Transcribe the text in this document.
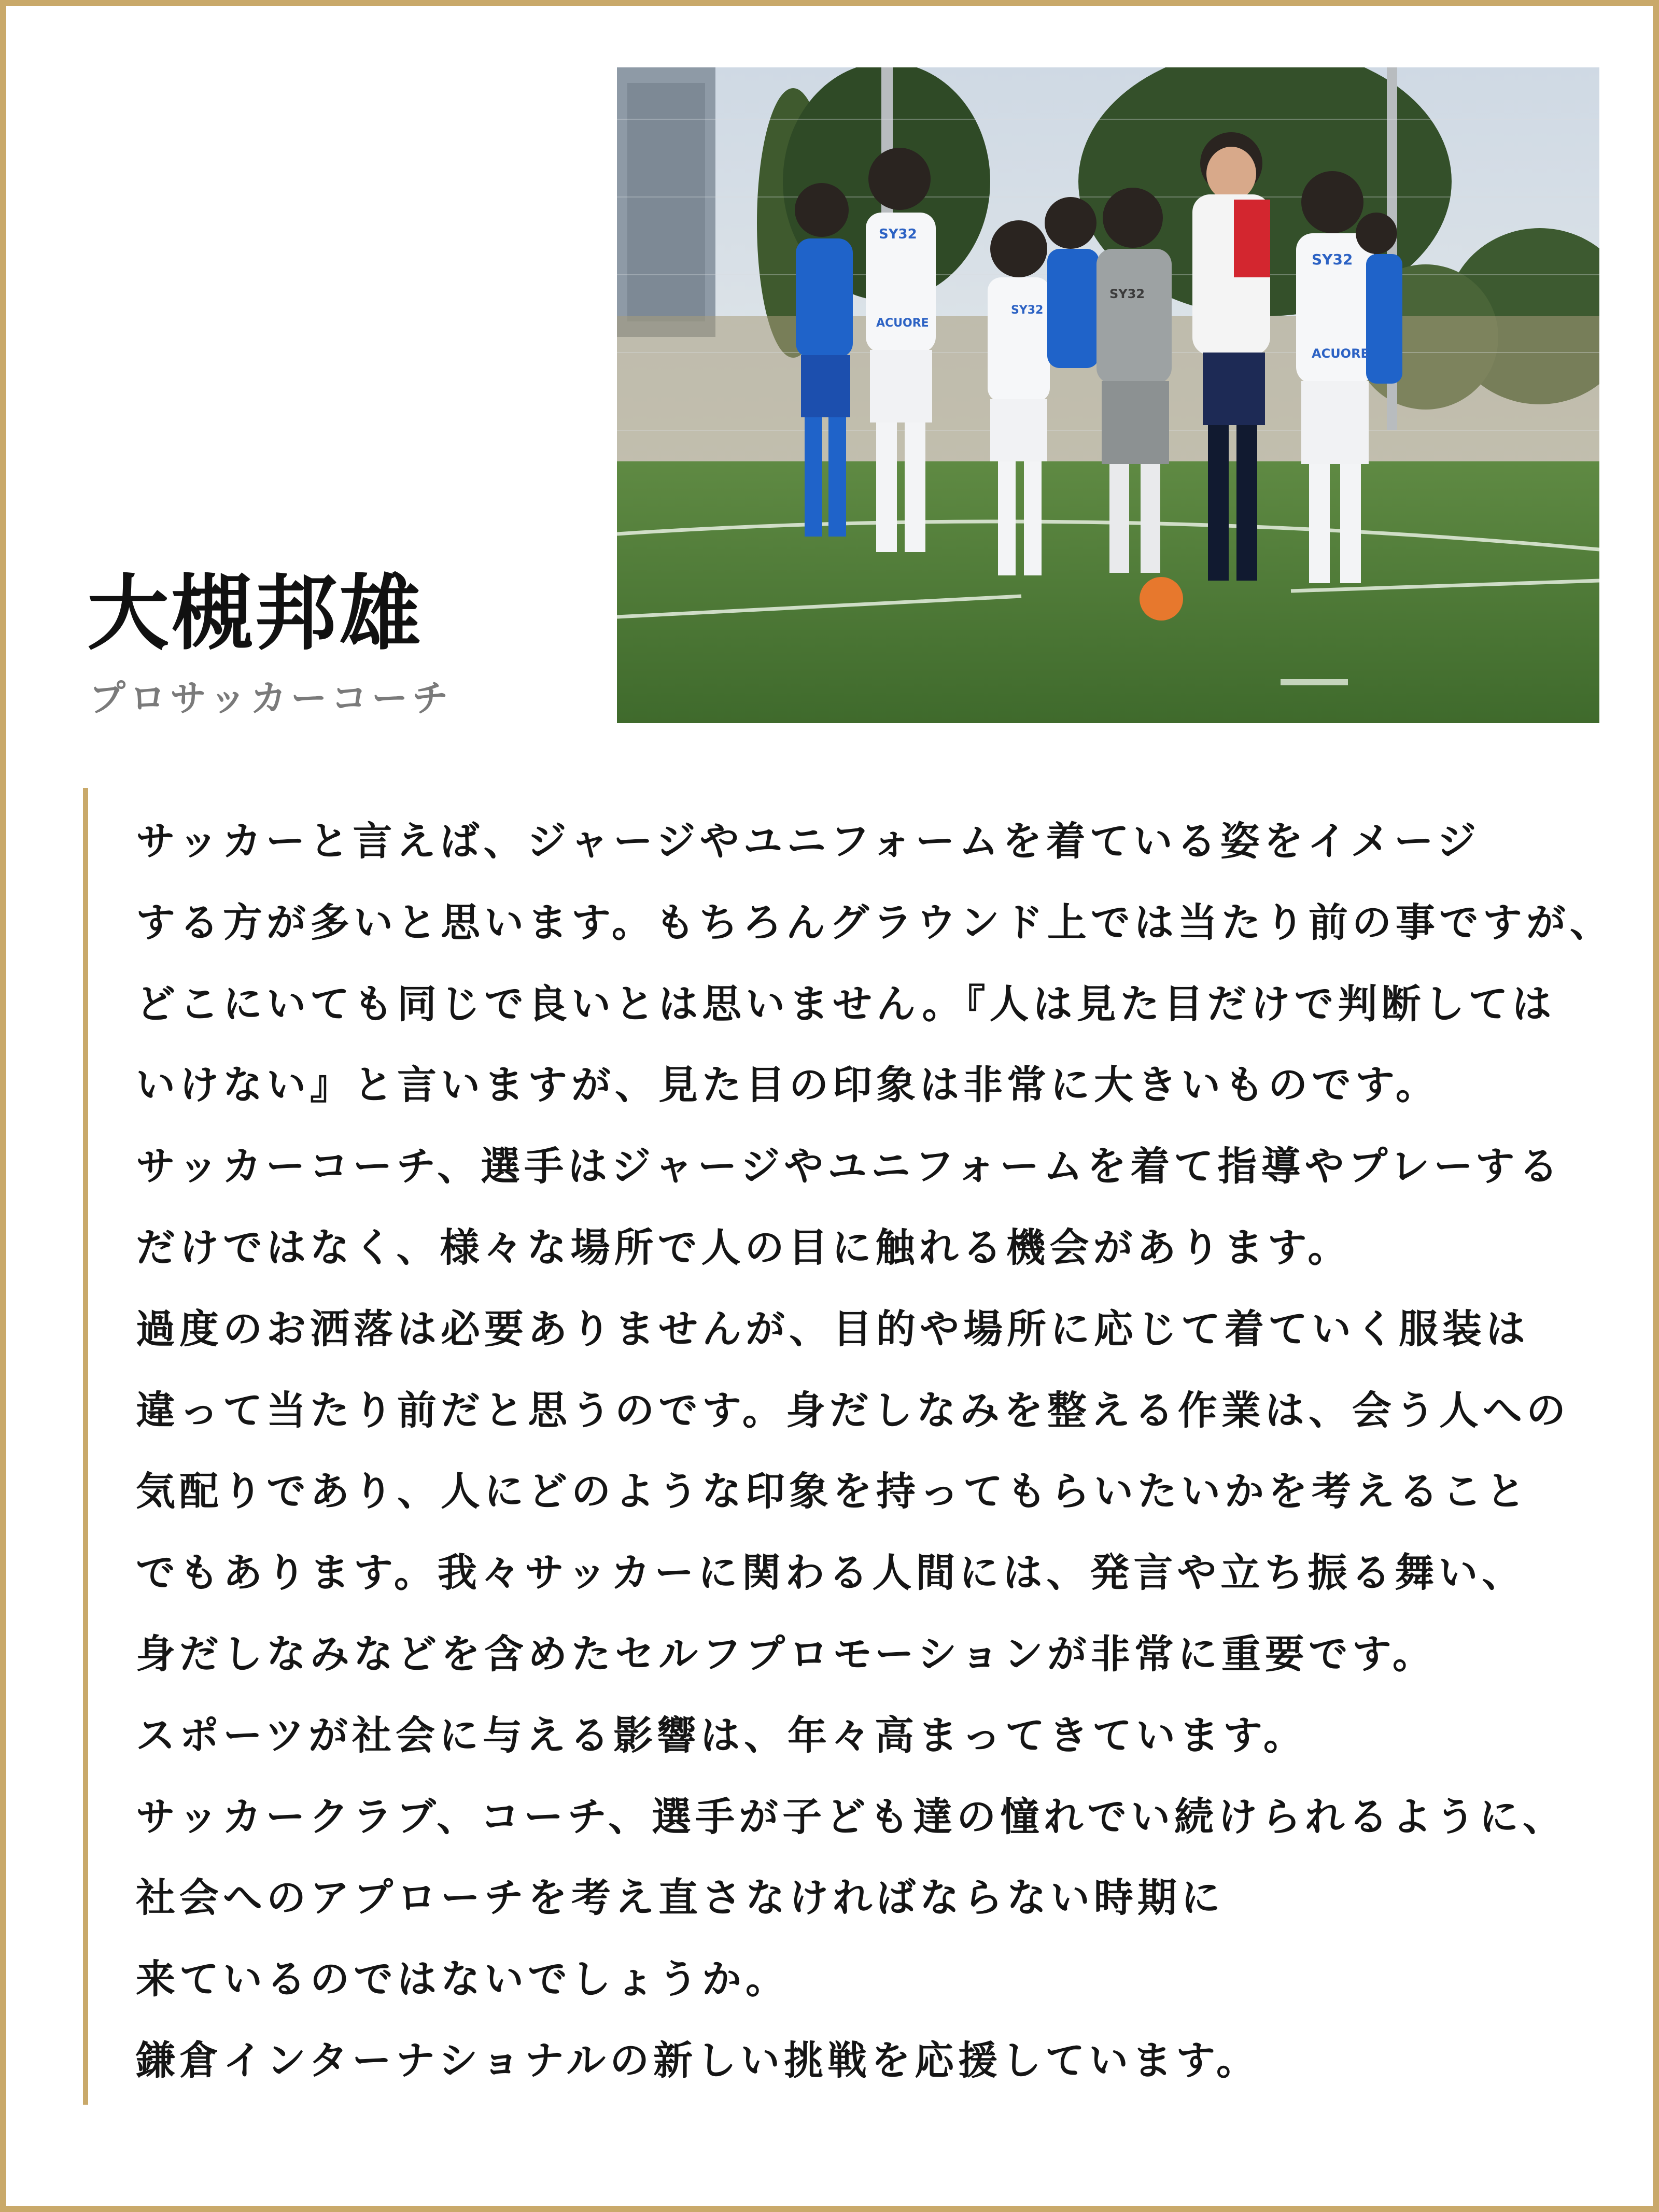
SY32
SY32
SY32
ACUORE
ACUORE
SY32
大槻邦雄
プロサッカーコーチ
サッカーと言えば、ジャージやユニフォームを着ている姿をイメージ
する方が多いと思います。もちろんグラウンド上では当たり前の事ですが、
どこにいても同じで良いとは思いません。『人は見た目だけで判断しては
いけない』と言いますが、見た目の印象は非常に大きいものです。
サッカーコーチ、選手はジャージやユニフォームを着て指導やプレーする
だけではなく、様々な場所で人の目に触れる機会があります。
過度のお洒落は必要ありませんが、目的や場所に応じて着ていく服装は
違って当たり前だと思うのです。身だしなみを整える作業は、会う人への
気配りであり、人にどのような印象を持ってもらいたいかを考えること
でもあります。我々サッカーに関わる人間には、発言や立ち振る舞い、
身だしなみなどを含めたセルフプロモーションが非常に重要です。
スポーツが社会に与える影響は、年々高まってきています。
サッカークラブ、コーチ、選手が子ども達の憧れでい続けられるように、
社会へのアプローチを考え直さなければならない時期に
来ているのではないでしょうか。
鎌倉インターナショナルの新しい挑戦を応援しています。
